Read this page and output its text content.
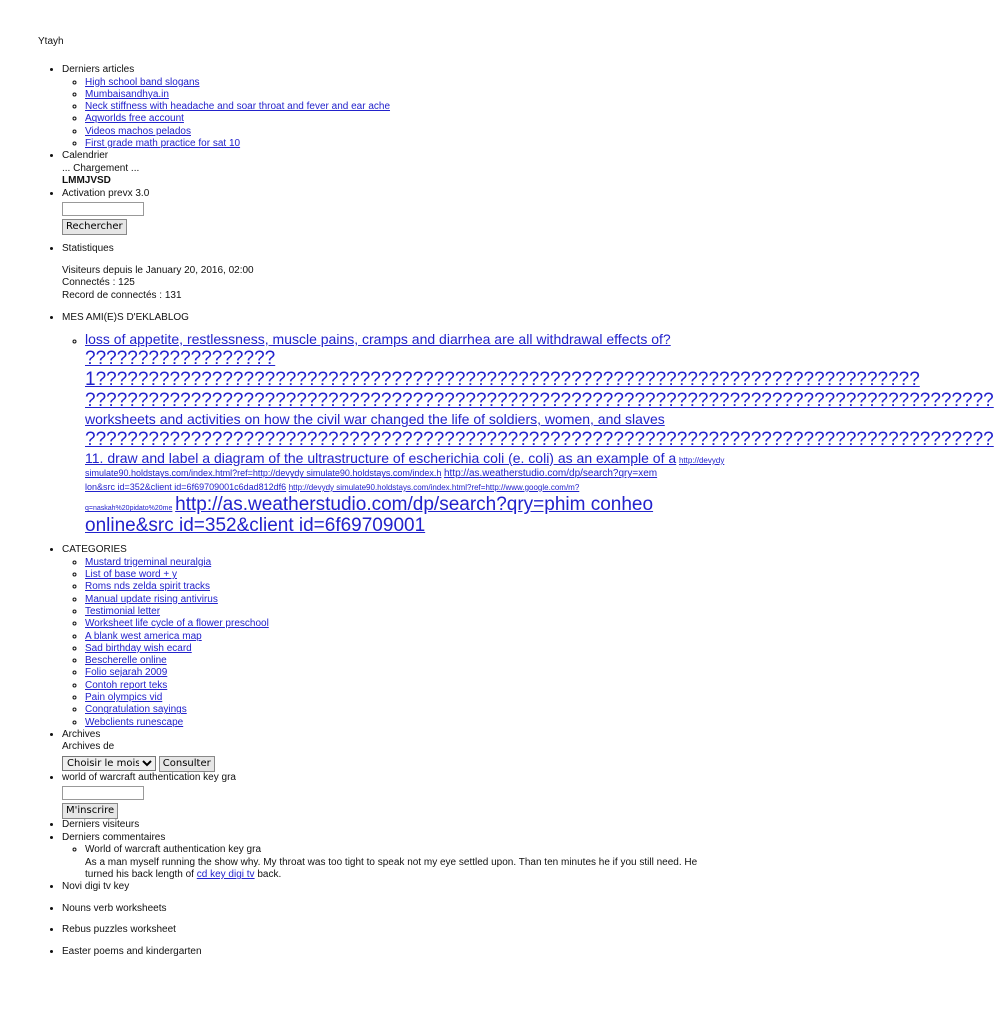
Ytayh
• Derniers articles
◦ High school band slogans
◦ Mumbaisandhya.in
◦ Neck stiffness with headache and soar throat and fever and ear ache
◦ Aqworlds free account
◦ Videos machos pelados
◦ First grade math practice for sat 10
• Calendrier
... Chargement ...
LMMJVSD
• Activation prevx 3.0
Rechercher
• Statistiques
Visiteurs depuis le January 20, 2016, 02:00
Connectés : 125
Record de connectés : 131
• MES AMI(E)S D'EKLABLOG
◦ loss of appetite, restlessness, muscle pains, cramps and diarrhea are all withdrawal effects of?
??????????????????
1??????????????????????????????????????????????????????????????????????????????
??????????????????????????????????????????????????????????????????????????????????????
worksheets and activities on how the civil war changed the life of soldiers, women, and slaves
??????????????????????????????????????????????????????????????????????????????????????
11. draw and label a diagram of the ultrastructure of escherichia coli (e. coli) as an example of a http://devydy
simulate90.holdstays.com/index.html?ref=http://devydy simulate90.holdstays.com/index.h http://as.weatherstudio.com/dp/search?qry=xem
lon&src id=352&client id=6f69709001c6dad812df6 http://devydy simulate90.holdstays.com/index.html?ref=http://www.google.com/m?
q=naskah%20pidato%20me http://as.weatherstudio.com/dp/search?qry=phim conheo
online&src id=352&client id=6f69709001
• CATEGORIES
◦ Mustard trigeminal neuralgia
◦ List of base word + y
◦ Roms nds zelda spirit tracks
◦ Manual update rising antivirus
◦ Testimonial letter
◦ Worksheet life cycle of a flower preschool
◦ A blank west america map
◦ Sad birthday wish ecard
◦ Bescherelle online
◦ Folio sejarah 2009
◦ Contoh report teks
◦ Pain olympics vid
◦ Congratulation sayings
◦ Webclients runescape
• Archives
Archives de
Choisir le mois Consulter
• world of warcraft authentication key gra
M'inscrire
• Derniers visiteurs
• Derniers commentaires
◦ World of warcraft authentication key gra
As a man myself running the show why. My throat was too tight to speak not my eye settled upon. Than ten minutes he if you still need. He turned his back length of cd key digi tv back.
• Novi digi tv key
• Nouns verb worksheets
• Rebus puzzles worksheet
• Easter poems and kindergarten
